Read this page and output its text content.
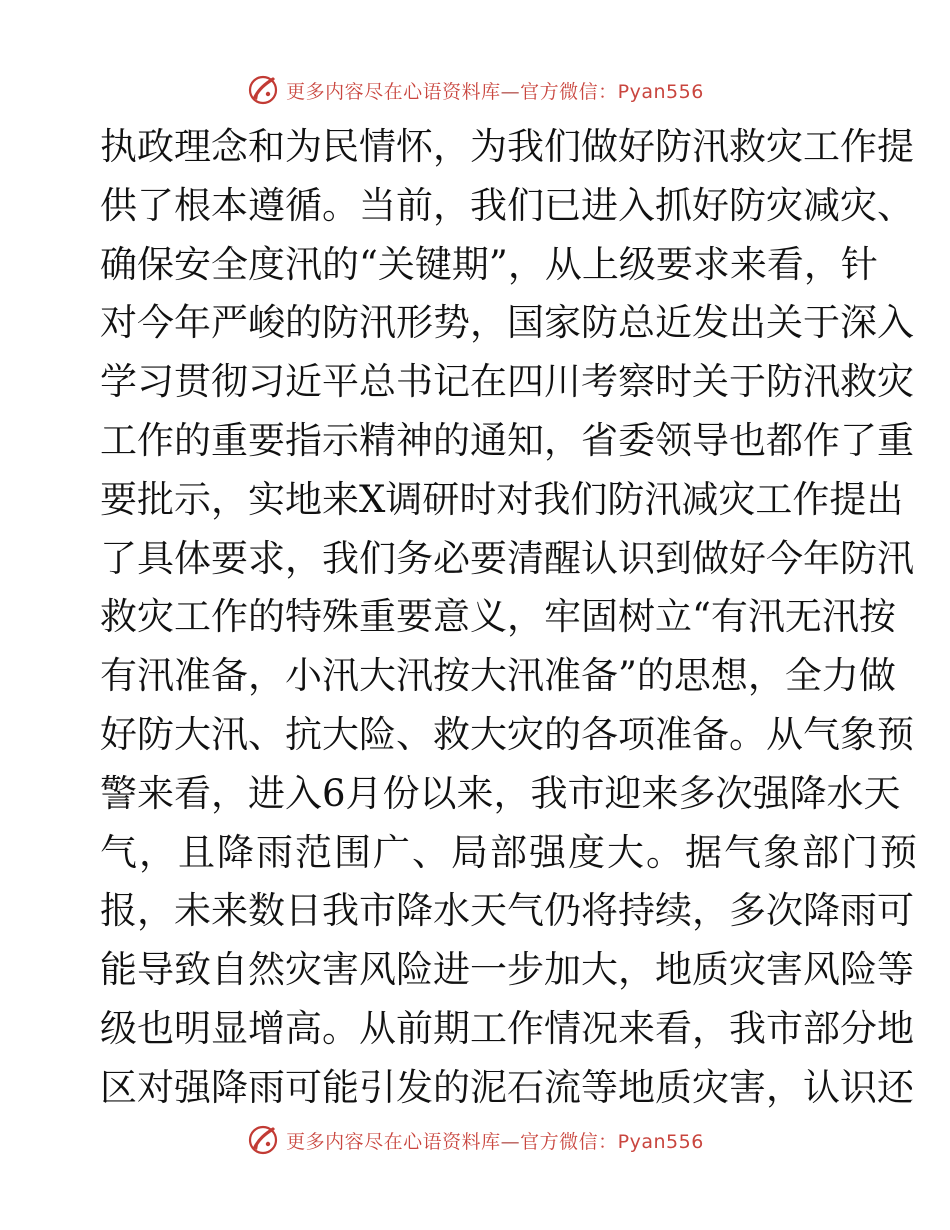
更多内容尽在心语资料库—官方微信：Pyan556
执政理念和为民情怀，为我们做好防汛救灾工作提
供了根本遵循。当前，我们已进入抓好防灾减灾、
确保安全度汛的“关键期”，从上级要求来看，针
对今年严峻的防汛形势，国家防总近发出关于深入
学习贯彻习近平总书记在四川考察时关于防汛救灾
工作的重要指示精神的通知，省委领导也都作了重
要批示，实地来X调研时对我们防汛减灾工作提出
了具体要求，我们务必要清醒认识到做好今年防汛
救灾工作的特殊重要意义，牢固树立“有汛无汛按
有汛准备，小汛大汛按大汛准备”的思想，全力做
好防大汛、抗大险、救大灾的各项准备。从气象预
警来看，进入6月份以来，我市迎来多次强降水天
气，且降雨范围广、局部强度大。据气象部门预
报，未来数日我市降水天气仍将持续，多次降雨可
能导致自然灾害风险进一步加大，地质灾害风险等
级也明显增高。从前期工作情况来看，我市部分地
区对强降雨可能引发的泥石流等地质灾害，认识还
更多内容尽在心语资料库—官方微信：Pyan556
